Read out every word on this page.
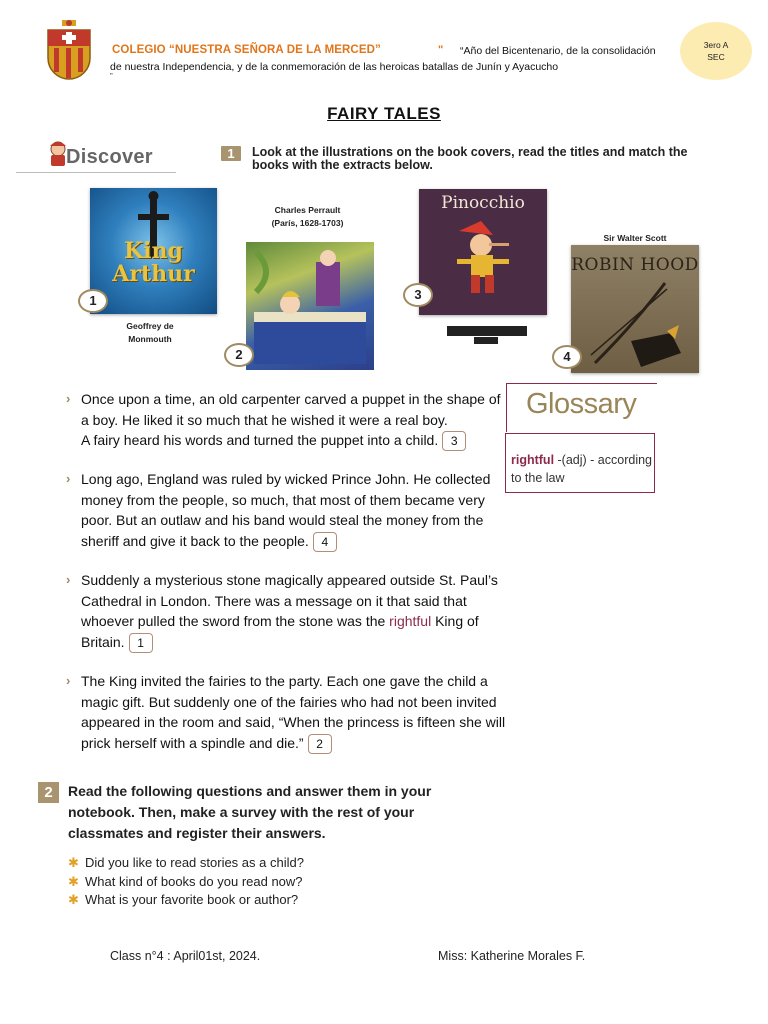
COLEGIO “NUESTRA SEÑORA DE LA MERCED”	" “Año del Bicentenario, de la consolidación
de nuestra Independencia, y de la conmemoración de las heroicas batallas de Junín y Ayacucho
”
3ero A
SEC
FAIRY TALES
Discover	1	Look at the illustrations on the book covers, read the titles and match the books with the extracts below.
King
Arthur
1
Geoffrey de
Monmouth
Charles Perrault
(París, 1628-1703)
2
Pinocchio
3
Sir Walter Scott
ROBIN HOOD
4
› Once upon a time, an old carpenter carved a puppet in the shape of a boy. He liked it so much that he wished it were a real boy.
A fairy heard his words and turned the puppet into a child. 3
› Long ago, England was ruled by wicked Prince John. He collected money from the people, so much, that most of them became very poor. But an outlaw and his band would steal the money from the sheriff and give it back to the people. 4
› Suddenly a mysterious stone magically appeared outside St. Paul’s Cathedral in London. There was a message on it that said that whoever pulled the sword from the stone was the rightful King of Britain. 1
› The King invited the fairies to the party. Each one gave the child a magic gift. But suddenly one of the fairies who had not been invited appeared in the room and said, “When the princess is fifteen she will prick herself with a spindle and die.” 2
Glossary
rightful -(adj) - according to the law
2	Read the following questions and answer them in your notebook. Then, make a survey with the rest of your classmates and register their answers.
✱ Did you like to read stories as a child?
✱ What kind of books do you read now?
✱ What is your favorite book or author?
Class n°4 : April01st, 2024.	Miss: Katherine Morales F.
